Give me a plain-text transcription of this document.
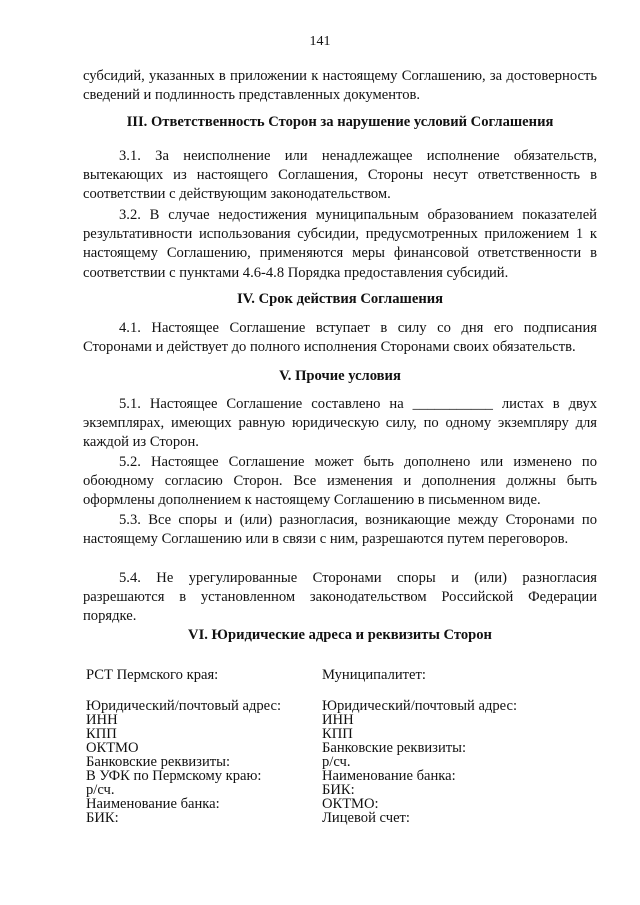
141
субсидий, указанных в приложении к настоящему Соглашению, за достоверность сведений и подлинность представленных документов.
III. Ответственность Сторон за нарушение условий Соглашения
3.1. За неисполнение или ненадлежащее исполнение обязательств, вытекающих из настоящего Соглашения, Стороны несут ответственность в соответствии с действующим законодательством.
3.2. В случае недостижения муниципальным образованием показателей результативности использования субсидии, предусмотренных приложением 1 к настоящему Соглашению, применяются меры финансовой ответственности в соответствии с пунктами 4.6-4.8 Порядка предоставления субсидий.
IV. Срок действия Соглашения
4.1. Настоящее Соглашение вступает в силу со дня его подписания Сторонами и действует до полного исполнения Сторонами своих обязательств.
V. Прочие условия
5.1. Настоящее Соглашение составлено на ___________ листах в двух экземплярах, имеющих равную юридическую силу, по одному экземпляру для каждой из Сторон.
5.2. Настоящее Соглашение может быть дополнено или изменено по обоюдному согласию Сторон. Все изменения и дополнения должны быть оформлены дополнением к настоящему Соглашению в письменном виде.
5.3. Все споры и (или) разногласия, возникающие между Сторонами по настоящему Соглашению или в связи с ним, разрешаются путем переговоров.
5.4. Не урегулированные Сторонами споры и (или) разногласия разрешаются в установленном законодательством Российской Федерации порядке.
VI. Юридические адреса и реквизиты Сторон
РСТ Пермского края:
Юридический/почтовый адрес:
ИНН
КПП
ОКТМО
Банковские реквизиты:
В УФК по Пермскому краю:
р/сч.
Наименование банка:
БИК:
Муниципалитет:
Юридический/почтовый адрес:
ИНН
КПП
Банковские реквизиты:
р/сч.
Наименование банка:
БИК:
ОКТМО:
Лицевой счет:
